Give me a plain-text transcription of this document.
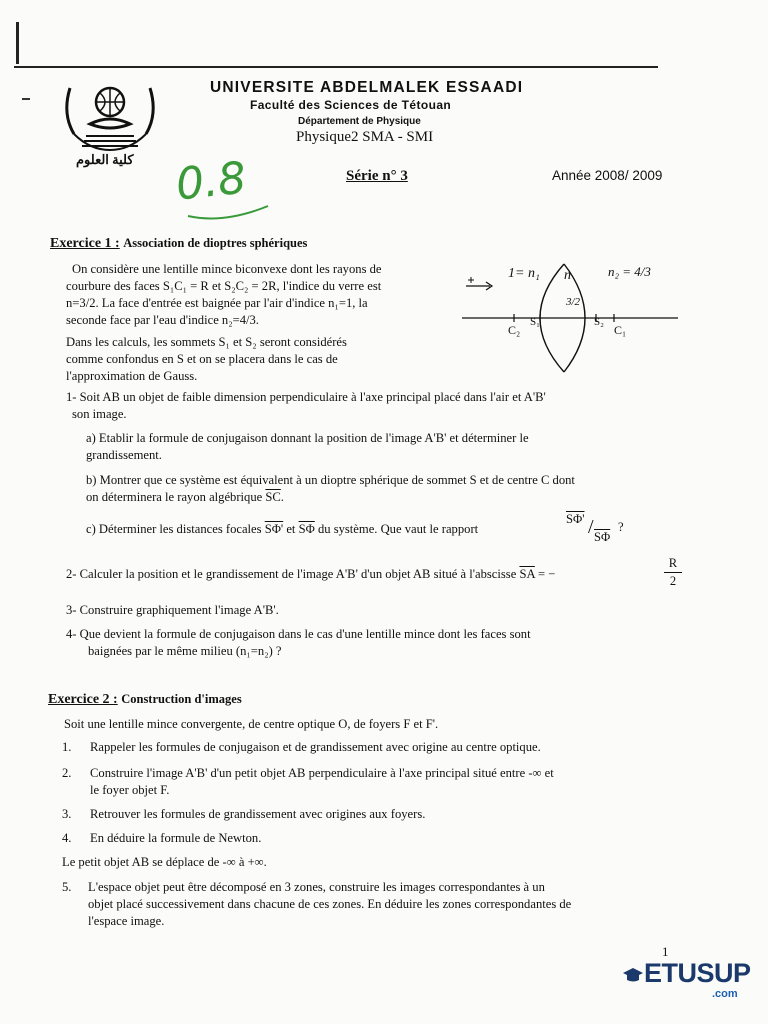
كلية العلوم
UNIVERSITE ABDELMALEK ESSAADI
Faculté des Sciences de Tétouan
Département de Physique
Physique2 SMA - SMI
Série n° 3	Année 2008/ 2009
0.8
Exercice 1 : Association de dioptres sphériques
On considère une lentille mince biconvexe dont les rayons de
courbure des faces S₁C₁ = R et S₂C₂ = 2R, l'indice du verre est
n=3/2. La face d'entrée est baignée par l'air d'indice n₁=1, la
seconde face par l'eau d'indice n₂=4/3.
Dans les calculs, les sommets S₁ et S₂ seront considérés
comme confondus en S et on se placera dans le cas de
l'approximation de Gauss.
1= n₁ n
3/2
n₂ = 4/3
C₂
S₁	S₂
C₁
1- Soit AB un objet de faible dimension perpendiculaire à l'axe principal placé dans l'air et A'B'
son image.
a) Etablir la formule de conjugaison donnant la position de l'image A'B' et déterminer le
grandissement.
b) Montrer que ce système est équivalent à un dioptre sphérique de sommet S et de centre C dont
on déterminera le rayon algébrique $\overline{SC}$.
c) Déterminer les distances focales SΦ' et $\overline{S\Phi}$ du système. Que vaut le rapport
SΦ' / $\overline{S\Phi}$
?
2- Calculer la position et le grandissement de l'image A'B' d'un objet AB situé à l'abscisse $\overline{SA}$ = −
R
2
3- Construire graphiquement l'image A'B'.
4- Que devient la formule de conjugaison dans le cas d'une lentille mince dont les faces sont
baignées par le même milieu (n₁=n₂) ?
Exercice 2 : Construction d'images
Soit une lentille mince convergente, de centre optique O, de foyers F et F'.
1. Rappeler les formules de conjugaison et de grandissement avec origine au centre optique.
2. Construire l'image A'B' d'un petit objet AB perpendiculaire à l'axe principal situé entre -∞ et
le foyer objet F.
3. Retrouver les formules de grandissement avec origines aux foyers.
4. En déduire la formule de Newton.
Le petit objet AB se déplace de -∞ à +∞.
5. L'espace objet peut être décomposé en 3 zones, construire les images correspondantes à un
objet placé successivement dans chacune de ces zones. En déduire les zones correspondantes de
l'espace image.
1
ETUSUP
.com
